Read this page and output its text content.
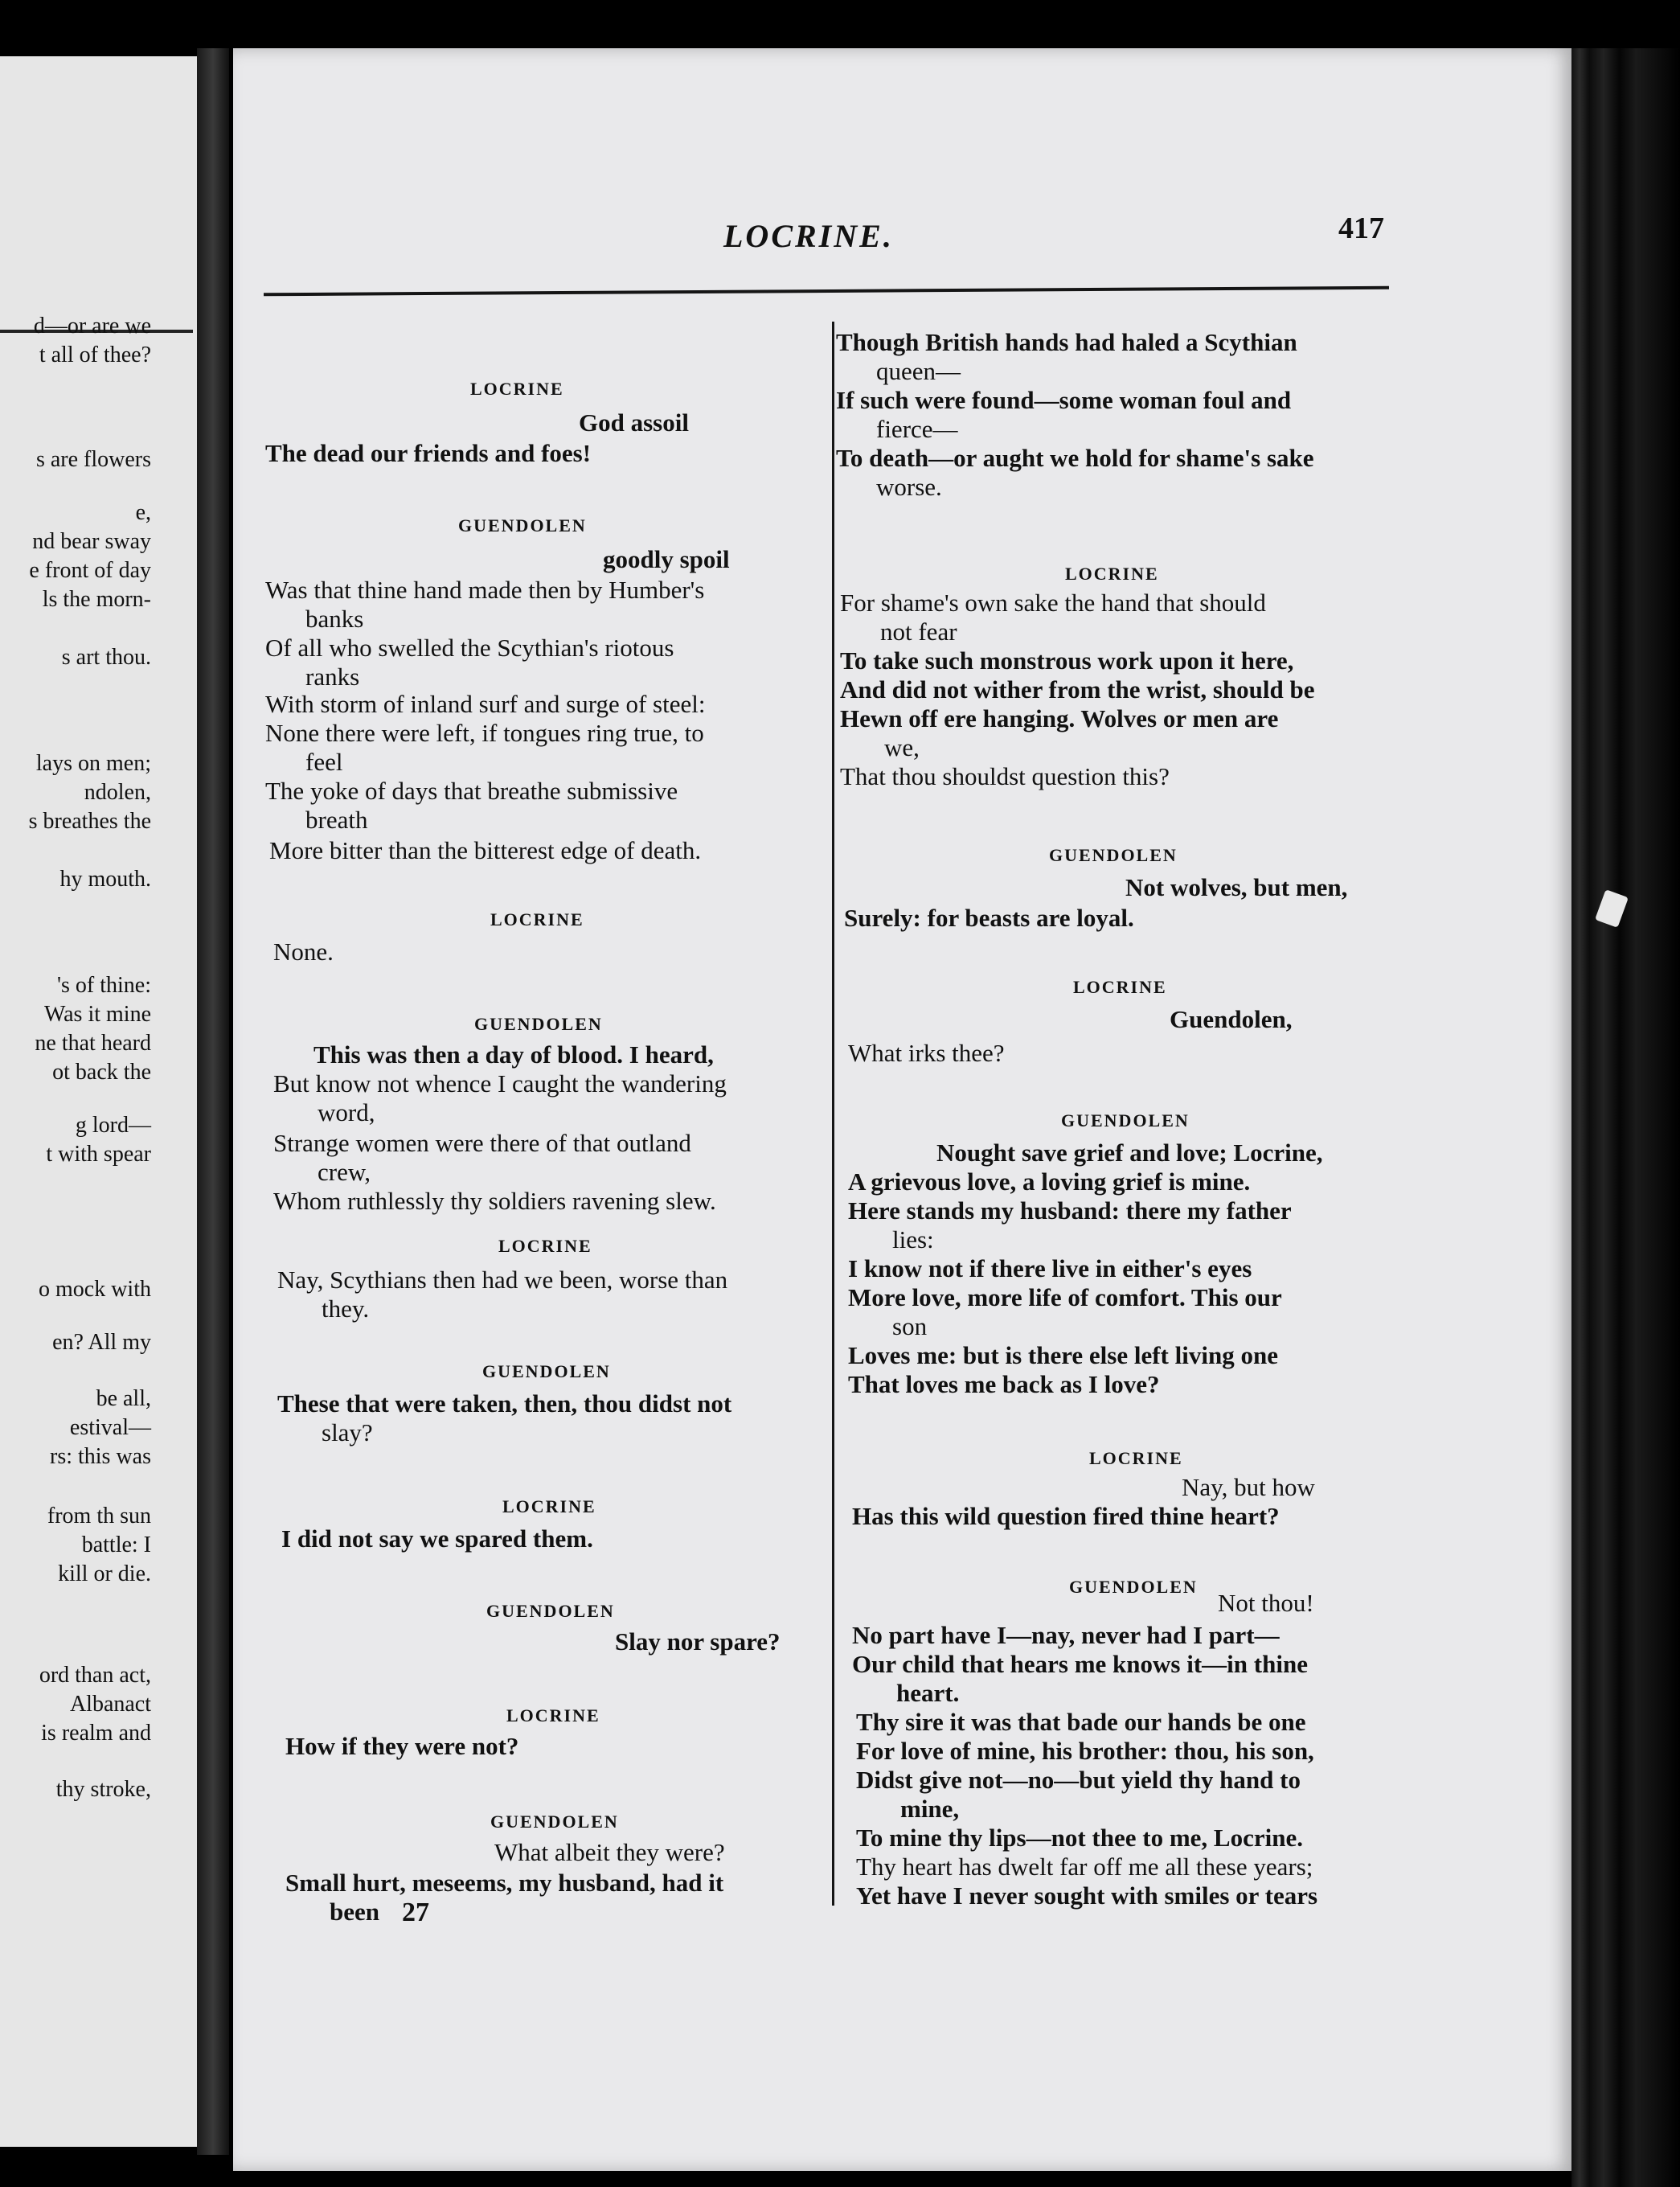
d—or are we
t all of thee?
s are flowers
e,
nd bear sway
e front of day
ls the morn-
s art thou.
lays on men;
ndolen,
s breathes the
hy mouth.
's of thine:
Was it mine
ne that heard
ot back the
g lord—
t with spear
o mock with
en? All my
be all,
estival—
rs: this was
from th sun
battle: I
kill or die.
ord than act,
Albanact
is realm and
thy stroke,
LOCRINE.	417
LOCRINE
God assoil
The dead our friends and foes!
GUENDOLEN
goodly spoil
Was that thine hand made then by Humber's
banks
Of all who swelled the Scythian's riotous
ranks
With storm of inland surf and surge of steel:
None there were left, if tongues ring true, to
feel
The yoke of days that breathe submissive
breath
More bitter than the bitterest edge of death.
LOCRINE
None.
GUENDOLEN
This was then a day of blood. I heard,
But know not whence I caught the wandering
word,
Strange women were there of that outland
crew,
Whom ruthlessly thy soldiers ravening slew.
LOCRINE
Nay, Scythians then had we been, worse than
they.
GUENDOLEN
These that were taken, then, thou didst not
slay?
LOCRINE
I did not say we spared them.
GUENDOLEN
Slay nor spare?
LOCRINE
How if they were not?
GUENDOLEN
What albeit they were?
Small hurt, meseems, my husband, had it
been
Though British hands had haled a Scythian
queen—
If such were found—some woman foul and
fierce—
To death—or aught we hold for shame's sake
worse.
LOCRINE
For shame's own sake the hand that should
not fear
To take such monstrous work upon it here,
And did not wither from the wrist, should be
Hewn off ere hanging. Wolves or men are
we,
That thou shouldst question this?
GUENDOLEN
Not wolves, but men,
Surely: for beasts are loyal.
LOCRINE
Guendolen,
What irks thee?
GUENDOLEN
Nought save grief and love; Locrine,
A grievous love, a loving grief is mine.
Here stands my husband: there my father
lies:
I know not if there live in either's eyes
More love, more life of comfort. This our
son
Loves me: but is there else left living one
That loves me back as I love?
LOCRINE
Nay, but how
Has this wild question fired thine heart?
GUENDOLEN
Not thou!
No part have I—nay, never had I part—
Our child that hears me knows it—in thine
heart.
Thy sire it was that bade our hands be one
For love of mine, his brother: thou, his son,
Didst give not—no—but yield thy hand to
mine,
To mine thy lips—not thee to me, Locrine.
Thy heart has dwelt far off me all these years;
Yet have I never sought with smiles or tears
27
